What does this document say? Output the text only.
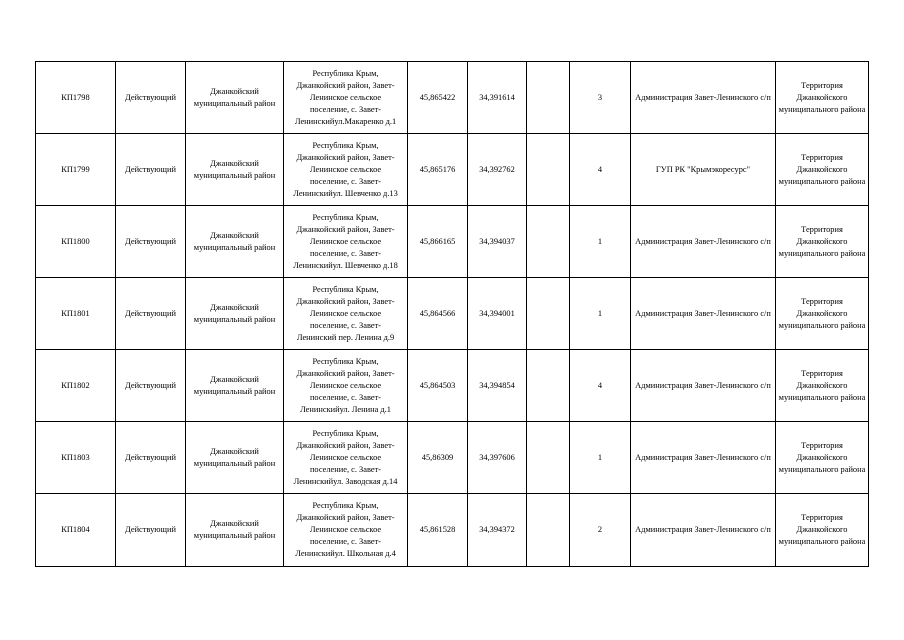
КП1798	Действующий	Джанкойский муниципальный район	Республика Крым,
Джанкойский район, Завет-
Ленинское сельское
поселение, с. Завет-
Ленинскийул.Макаренко д.1	45,865422	34,391614		3	Администрация Завет-Ленинского с/п	Территория Джанкойского муниципального района
КП1799	Действующий	Джанкойский муниципальный район	Республика Крым,
Джанкойский район, Завет-
Ленинское сельское
поселение, с. Завет-
Ленинскийул. Шевченко д.13	45,865176	34,392762		4	ГУП РК "Крымэкоресурс"	Территория Джанкойского муниципального района
КП1800	Действующий	Джанкойский муниципальный район	Республика Крым,
Джанкойский район, Завет-
Ленинское сельское
поселение, с. Завет-
Ленинскийул. Шевченко д.18	45,866165	34,394037		1	Администрация Завет-Ленинского с/п	Территория Джанкойского муниципального района
КП1801	Действующий	Джанкойский муниципальный район	Республика Крым,
Джанкойский район, Завет-
Ленинское сельское
поселение, с. Завет-
Ленинский пер. Ленина д.9	45,864566	34,394001		1	Администрация Завет-Ленинского с/п	Территория Джанкойского муниципального района
КП1802	Действующий	Джанкойский муниципальный район	Республика Крым,
Джанкойский район, Завет-
Ленинское сельское
поселение, с. Завет-
Ленинскийул. Ленина д.1	45,864503	34,394854		4	Администрация Завет-Ленинского с/п	Территория Джанкойского муниципального района
КП1803	Действующий	Джанкойский муниципальный район	Республика Крым,
Джанкойский район, Завет-
Ленинское сельское
поселение, с. Завет-
Ленинскийул. Заводская д.14	45,86309	34,397606		1	Администрация Завет-Ленинского с/п	Территория Джанкойского муниципального района
КП1804	Действующий	Джанкойский муниципальный район	Республика Крым,
Джанкойский район, Завет-
Ленинское сельское
поселение, с. Завет-
Ленинскийул. Школьная д.4	45,861528	34,394372		2	Администрация Завет-Ленинского с/п	Территория Джанкойского муниципального района
